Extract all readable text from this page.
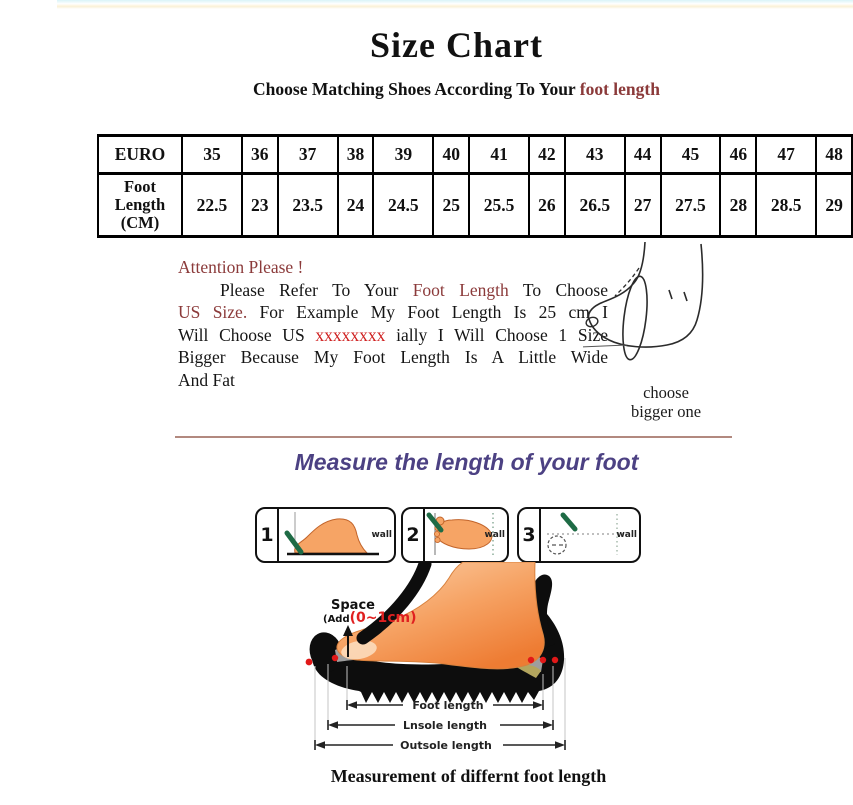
Size Chart
Choose Matching Shoes According To Your foot length
EURO	35	36	37	38	39	40	41	42	43	44	45	46	47	48

Foot
Length
(CM)	22.5	23	23.5	24	24.5	25	25.5	26	26.5	27	27.5	28	28.5	29
Attention Please !
Please Refer To Your Foot Length To Choose
US Size. For Example My Foot Length Is 25 cm I
Will Choose US xxxxxxxx ially I Will Choose 1 Size
Bigger Because My Foot Length Is A Little Wide
And Fat
choose
bigger one
Measure the length of your foot
1	wall 2	wall 3	wall
Space
(Add(0~1cm)
Foot length
Lnsole length
Outsole length
Measurement of differnt foot length
